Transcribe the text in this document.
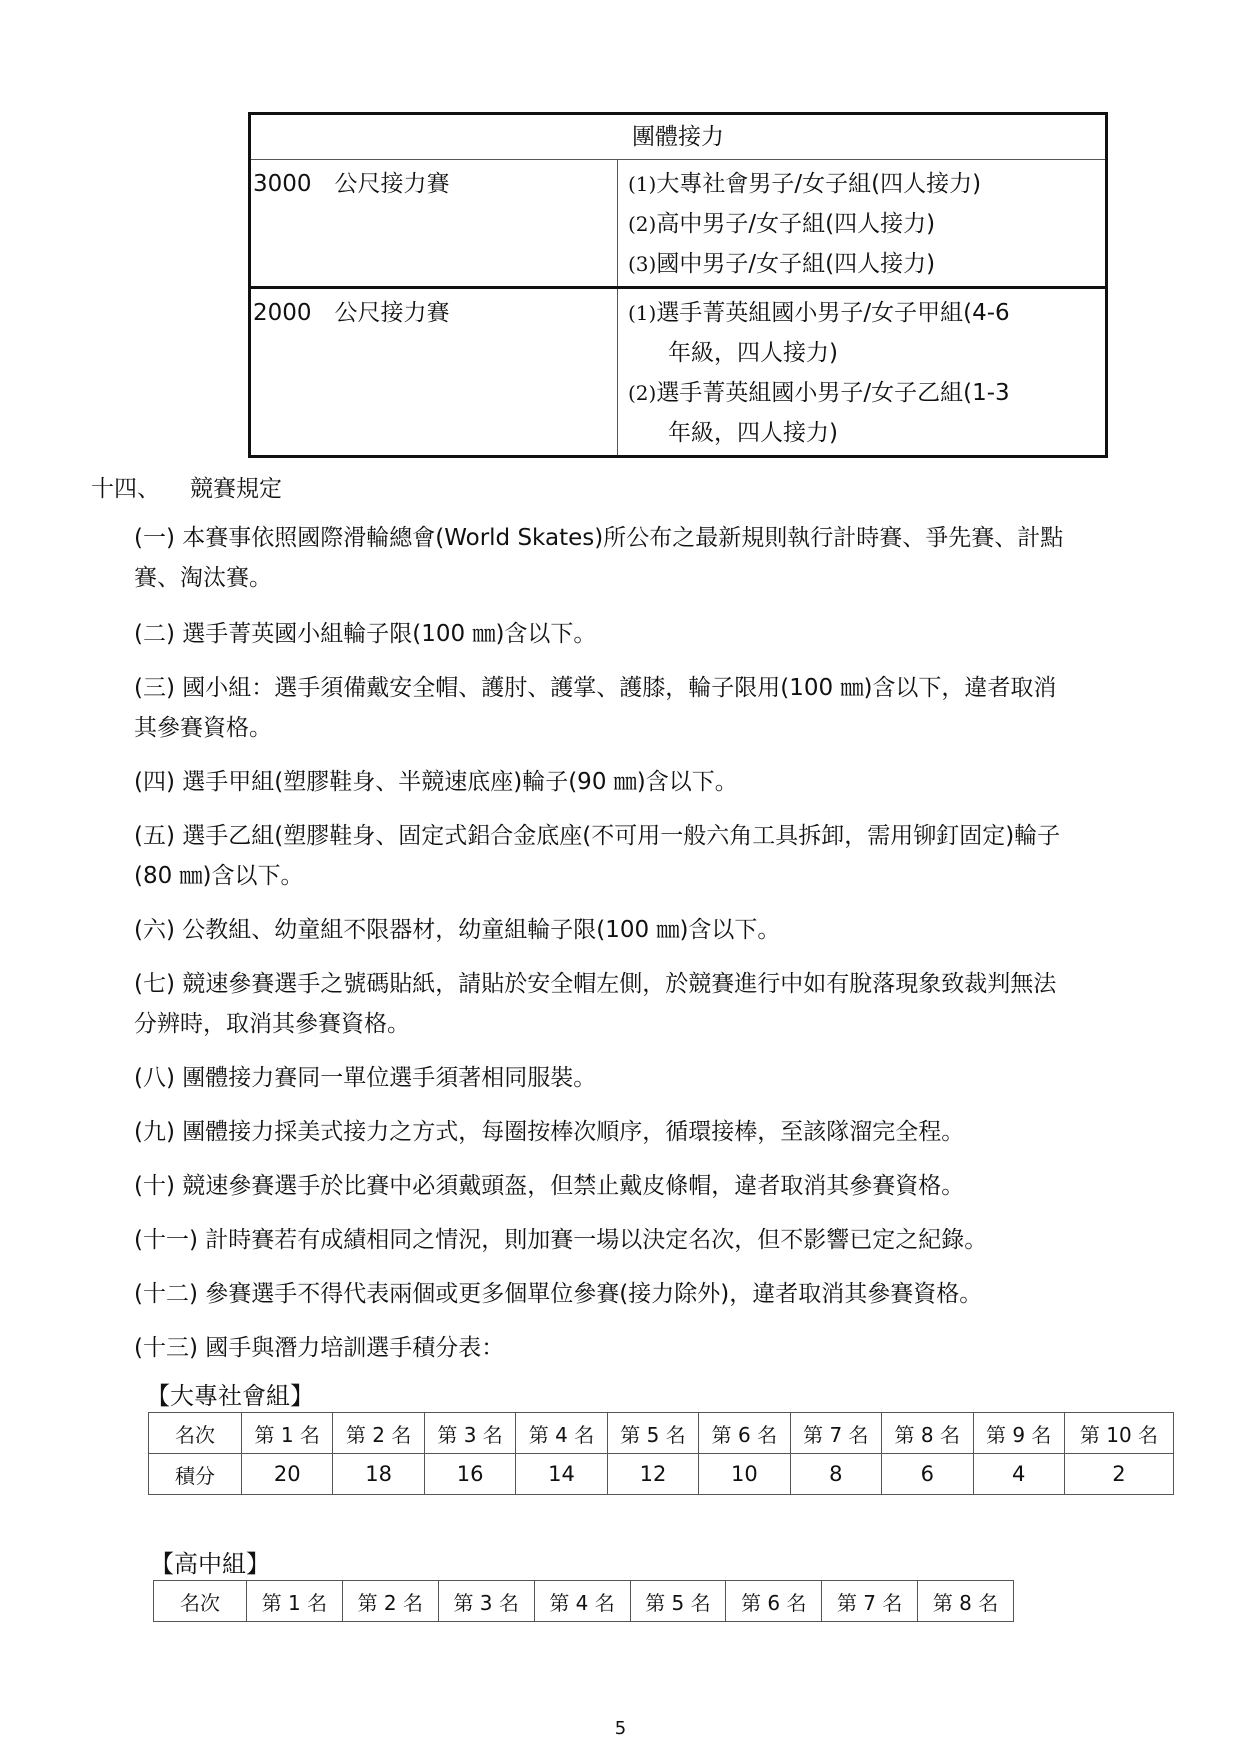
團體接力	
3000　公尺接力賽	(1)大專社會男子/女子組(四人接力)
(2)高中男子/女子組(四人接力)
(3)國中男子/女子組(四人接力)

2000　公尺接力賽	(1)選手菁英組國小男子/女子甲組(4-6
年級，四人接力)
(2)選手菁英組國小男子/女子乙組(1-3
年級，四人接力)
十四、 競賽規定
(一) 本賽事依照國際滑輪總會(World Skates)所公布之最新規則執行計時賽、爭先賽、計點
賽、淘汰賽。
(二) 選手菁英國小組輪子限(100 ㎜)含以下。
(三) 國小組：選手須備戴安全帽、護肘、護掌、護膝，輪子限用(100 ㎜)含以下，違者取消
其參賽資格。
(四) 選手甲組(塑膠鞋身、半競速底座)輪子(90 ㎜)含以下。
(五) 選手乙組(塑膠鞋身、固定式鋁合金底座(不可用一般六角工具拆卸，需用铆釘固定)輪子
(80 ㎜)含以下。
(六) 公教組、幼童組不限器材，幼童組輪子限(100 ㎜)含以下。
(七) 競速參賽選手之號碼貼紙，請貼於安全帽左側，於競賽進行中如有脫落現象致裁判無法
分辨時，取消其參賽資格。
(八) 團體接力賽同一單位選手須著相同服裝。
(九) 團體接力採美式接力之方式，每圈按棒次順序，循環接棒，至該隊溜完全程。
(十) 競速參賽選手於比賽中必須戴頭盔，但禁止戴皮條帽，違者取消其參賽資格。
(十一) 計時賽若有成績相同之情況，則加賽一場以決定名次，但不影響已定之紀錄。
(十二) 參賽選手不得代表兩個或更多個單位參賽(接力除外)，違者取消其參賽資格。
(十三) 國手與潛力培訓選手積分表：
【大專社會組】
名次	第 1 名	第 2 名	第 3 名	第 4 名	第 5 名	第 6 名	第 7 名	第 8 名	第 9 名	第 10 名
積分	20	18	16	14	12	10	8	6	4	2
【高中組】
名次	第 1 名	第 2 名	第 3 名	第 4 名	第 5 名	第 6 名	第 7 名	第 8 名
5
